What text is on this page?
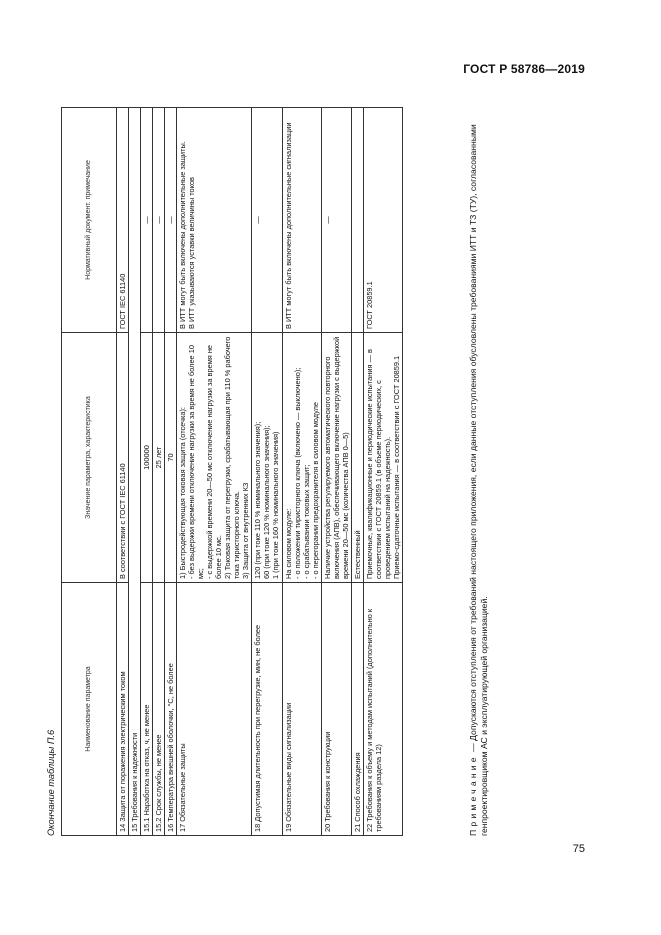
ГОСТ Р 58786—2019
Окончание таблицы П.6
Наименование параметра	Значение параметра, характеристика	Нормативный документ. примечание
14 Защита от поражения электрическим током	В соответствии с ГОСТ IEC 61140	ГОСТ IEC 61140
15 Требования к надежности		
15.1 Наработка на отказ, ч, не менее	100000	—
15.2 Срок службы, не менее	25 лет	—
16 Температура внешней оболочки, °С, не более	70	—
17 Обязательные защиты	1) Быстродействующая токовая защита (отсечка):
- без выдержки времени отключение нагрузки за время не более 10 мс;
- с выдержкой времени 20—50 мс отключение нагрузки за время не более 10 мс.
2) Токовая защита от перегрузки, срабатывающая при 110 % рабочего тока тиристорного ключа.
3) Защита от внутренних КЗ	В ИТТ могут быть включены дополнительные защиты.
В ИТТ указываются уставки величины токов
18 Допустимая длительность при перегрузке, мин, не более	120 (при токе 110 % номинального значения);
60 (при токе 120 % номинального значения);
1 (при токе 160 % номинального значения)	—
19 Обязательные виды сигнализации	На силовом модуле:
- о положении тиристорного ключа (включено — выключено);
- о срабатывании токовых защит;
- о перегорании предохранителя в силовом модуле	В ИТТ могут быть включены дополнительные сигнализации
20 Требования к конструкции	Наличие устройства регулируемого автоматического повторного включения (АПВ), обеспечивающего включение нагрузки с выдержкой времени 20—50 мс (количества АПВ 0—5)	—
21 Способ охлаждения	Естественный	
22 Требования к объему и методам испытаний (дополнительно к требованиям раздела 12)	Приемочные, квалификационные и периодические испытания — в соответствии с ГОСТ 20859.1 (в объеме периодических, с проведением испытаний на надежность).
Приемо-сдаточные испытания — в соответствии с ГОСТ 20859.1	ГОСТ 20859.1
Примечание — Допускаются отступления от требований настоящего приложения, если данные отступления обусловлены требованиями ИТТ и ТЗ (ТУ), согласованными генпроектировщиком АС и эксплуатирующей организацией.
75
